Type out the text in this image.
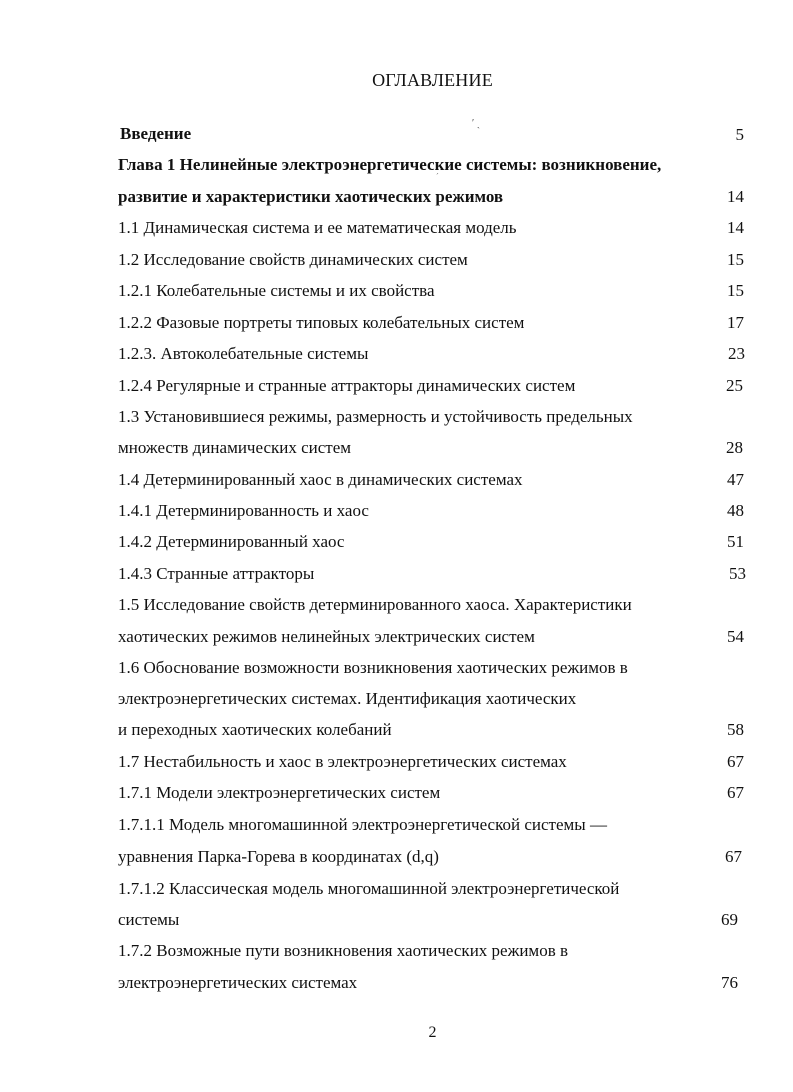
ОГЛАВЛЕНИЕ
Введение
Глава 1 Нелинейные электроэнергетические системы: возникновение,
развитие и характеристики хаотических режимов
1.1 Динамическая система и ее математическая модель
1.2 Исследование свойств динамических систем
1.2.1 Колебательные системы и их свойства
1.2.2 Фазовые портреты типовых колебательных систем
1.2.3. Автоколебательные системы
1.2.4 Регулярные и странные аттракторы динамических систем
1.3 Установившиеся режимы, размерность и устойчивость предельных
множеств динамических систем
1.4 Детерминированный хаос в динамических системах
1.4.1 Детерминированность и хаос
1.4.2 Детерминированный хаос
1.4.3 Странные аттракторы
1.5 Исследование свойств детерминированного хаоса. Характеристики
хаотических режимов нелинейных электрических систем
1.6 Обоснование возможности возникновения хаотических режимов в
электроэнергетических системах. Идентификация хаотических
и переходных хаотических колебаний
1.7 Нестабильность и хаос в электроэнергетических системах
1.7.1 Модели электроэнергетических систем
1.7.1.1 Модель многомашинной электроэнергетической системы —
уравнения Парка-Горева в координатах (d,q)
1.7.1.2 Классическая модель многомашинной электроэнергетической
системы
1.7.2 Возможные пути возникновения хаотических режимов в
электроэнергетических системах
5
14
14
15
15
17
23
25
28
47
48
51
53
54
58
67
67
67
69
76
ʹ ˏ
ˊ
2
